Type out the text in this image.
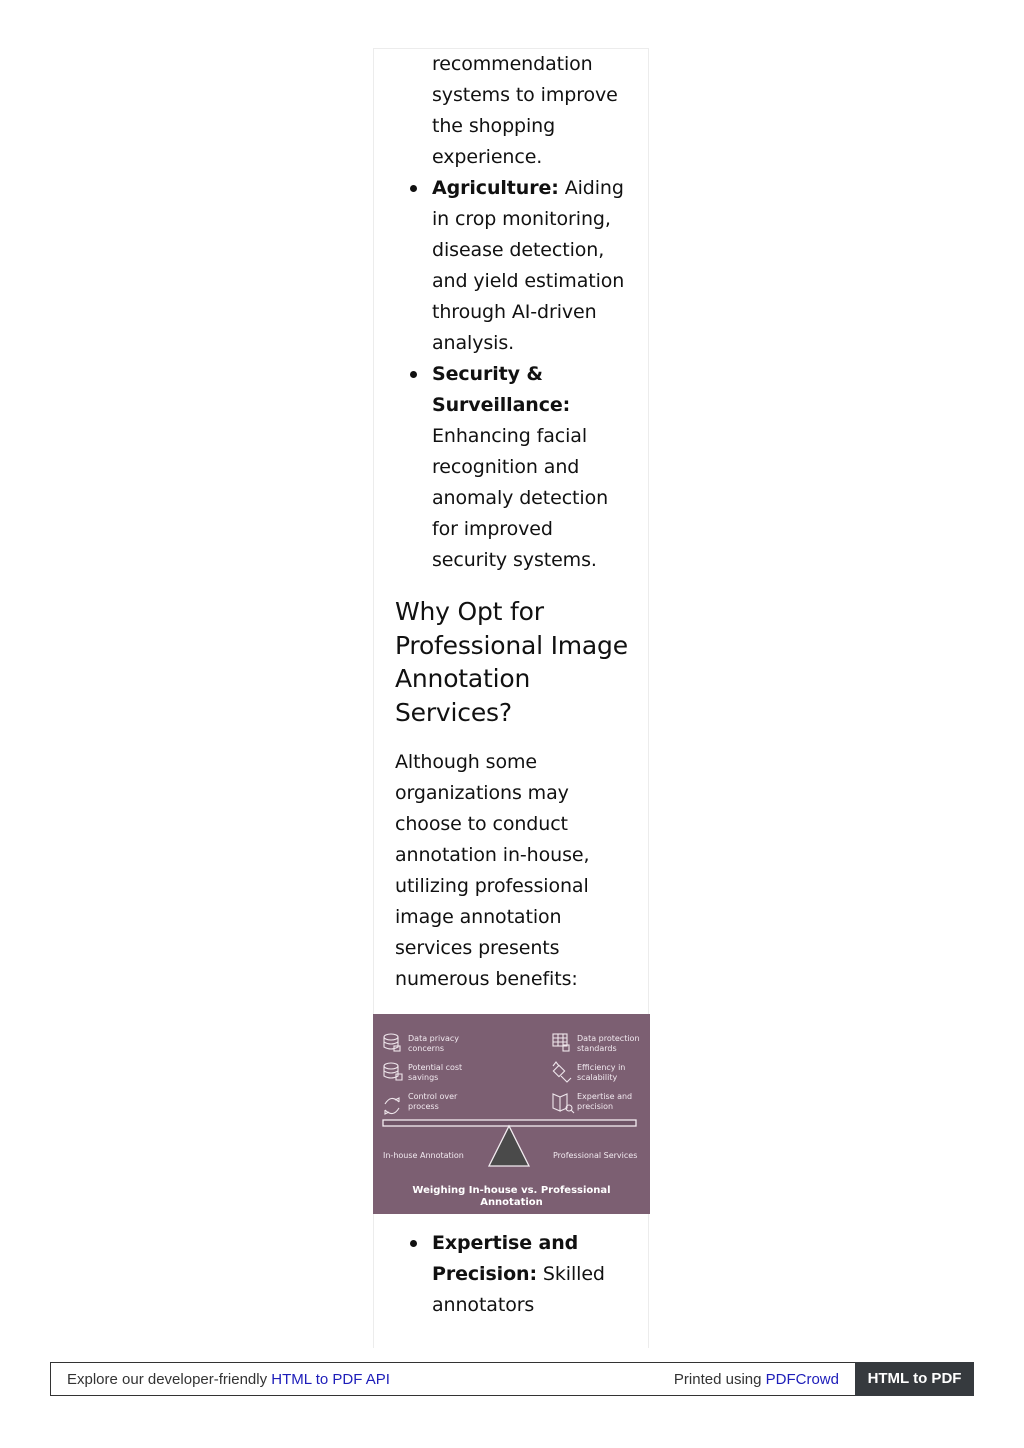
recommendation systems to improve the shopping experience.
Agriculture: Aiding in crop monitoring, disease detection, and yield estimation through AI-driven analysis.
Security & Surveillance: Enhancing facial recognition and anomaly detection for improved security systems.
Why Opt for Professional Image Annotation Services?
Although some organizations may choose to conduct annotation in-house, utilizing professional image annotation services presents numerous benefits:
Data privacy concerns
Potential cost savings
Control over process
Data protection standards
Efficiency in scalability
Expertise and precision
In-house Annotation	Professional Services
Weighing In-house vs. Professional Annotation
Expertise and Precision: Skilled annotators
Explore our developer-friendly HTML to PDF API	Printed using PDFCrowd	HTML to PDF
